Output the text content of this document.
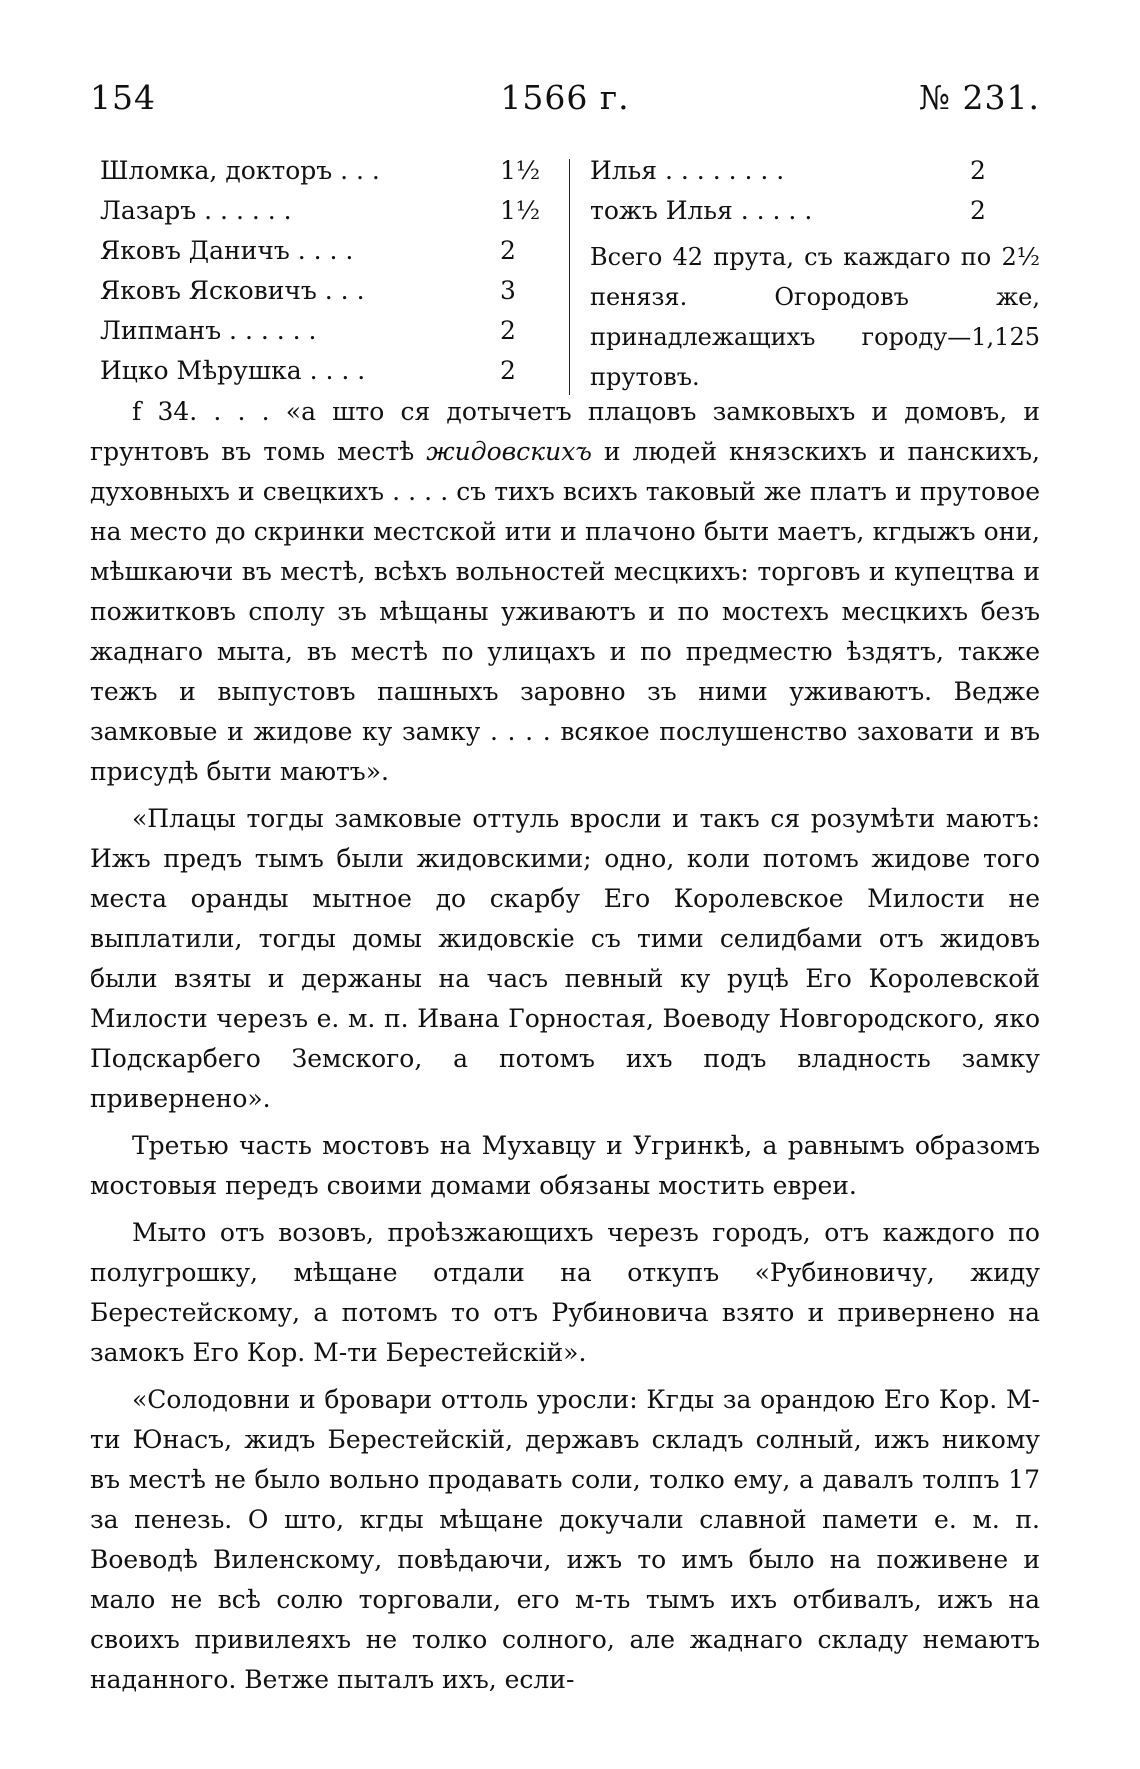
154	1566 г.	№ 231.
Шломка, докторъ . . .	1½
Лазаръ . . . . . .	1½
Яковъ Даничъ . . . .	2
Яковъ Ясковичъ . . .	3
Липманъ . . . . . .	2
Ицко Мѣрушка . . . .	2
Илья . . . . . . . .	2
тожъ Илья . . . . .	2
Всего 42 прута, съ каждаго по 2½ пенязя. Огородовъ же, принадлежащихъ городу—1,125 прутовъ.

f 34. . . . «а што ся дотычетъ плацовъ замковыхъ и домовъ, и грунтовъ въ томь местѣ жидовскихъ и людей князскихъ и панскихъ, духовныхъ и свецкихъ . . . . съ тихъ всихъ таковый же платъ и прутовое на место до скринки местской ити и плачоно быти маетъ, кгдыжъ они, мѣшкаючи въ местѣ, всѣхъ вольностей месцкихъ: торговъ и купецтва и пожитковъ сполу зъ мѣщаны уживаютъ и по мостехъ месцкихъ безъ жаднаго мыта, въ местѣ по улицахъ и по предместю ѣздятъ, также тежъ и выпустовъ пашныхъ заровно зъ ними уживаютъ. Ведже замковые и жидове ку замку . . . . всякое послушенство заховати и въ присудѣ быти маютъ».

«Плацы тогды замковые оттуль вросли и такъ ся розумѣти маютъ: Ижъ предъ тымъ были жидовскими; одно, коли потомъ жидове того места оранды мытное до скарбу Его Королевское Милости не выплатили, тогды домы жидовскіе съ тими селидбами отъ жидовъ были взяты и держаны на часъ певный ку руцѣ Его Королевской Милости черезъ е. м. п. Ивана Горностая, Воеводу Новгородского, яко Подскарбего Земского, а потомъ ихъ подъ владность замку привернено».

Третью часть мостовъ на Мухавцу и Угринкѣ, а равнымъ образомъ мостовыя передъ своими домами обязаны мостить евреи.

Мыто отъ возовъ, проѣзжающихъ черезъ городъ, отъ каждого по полугрошку, мѣщане отдали на откупъ «Рубиновичу, жиду Берестейскому, а потомъ то отъ Рубиновича взято и привернено на замокъ Его Кор. М-ти Берестейскій».

«Солодовни и бровари оттоль уросли: Кгды за орандою Его Кор. М-ти Юнасъ, жидъ Берестейскій, державъ складъ солный, ижъ никому въ местѣ не было вольно продавать соли, толко ему, а давалъ толпъ 17 за пенезь. О што, кгды мѣщане докучали славной памети е. м. п. Воеводѣ Виленскому, повѣдаючи, ижъ то имъ было на поживене и мало не всѣ солю торговали, его м-ть тымъ ихъ отбивалъ, ижъ на своихъ привилеяхъ не толко солного, але жаднаго складу немаютъ наданного. Ветже пыталъ ихъ, если-
